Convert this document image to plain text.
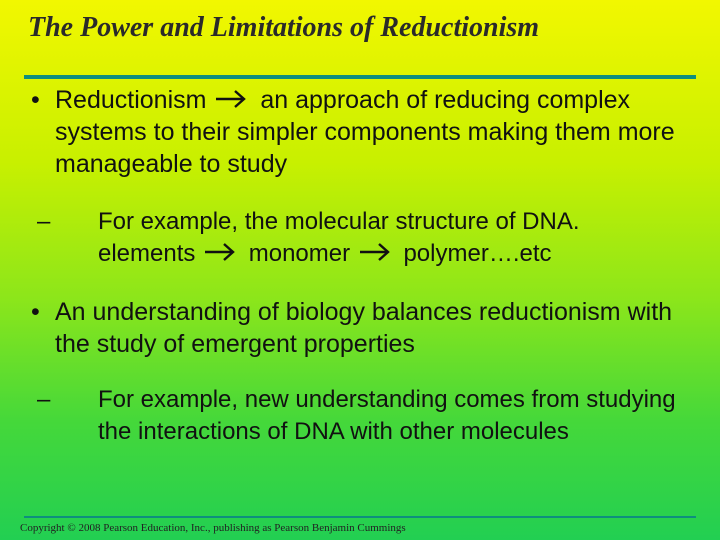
The Power and Limitations of Reductionism
• Reductionism an approach of reducing complex systems to their simpler components making them more manageable to study
– For example, the molecular structure of DNA.
elements monomer polymer….etc
• An understanding of biology balances reductionism with the study of emergent properties
– For example, new understanding comes from studying the interactions of DNA with other molecules
Copyright © 2008 Pearson Education, Inc., publishing as Pearson Benjamin Cummings
